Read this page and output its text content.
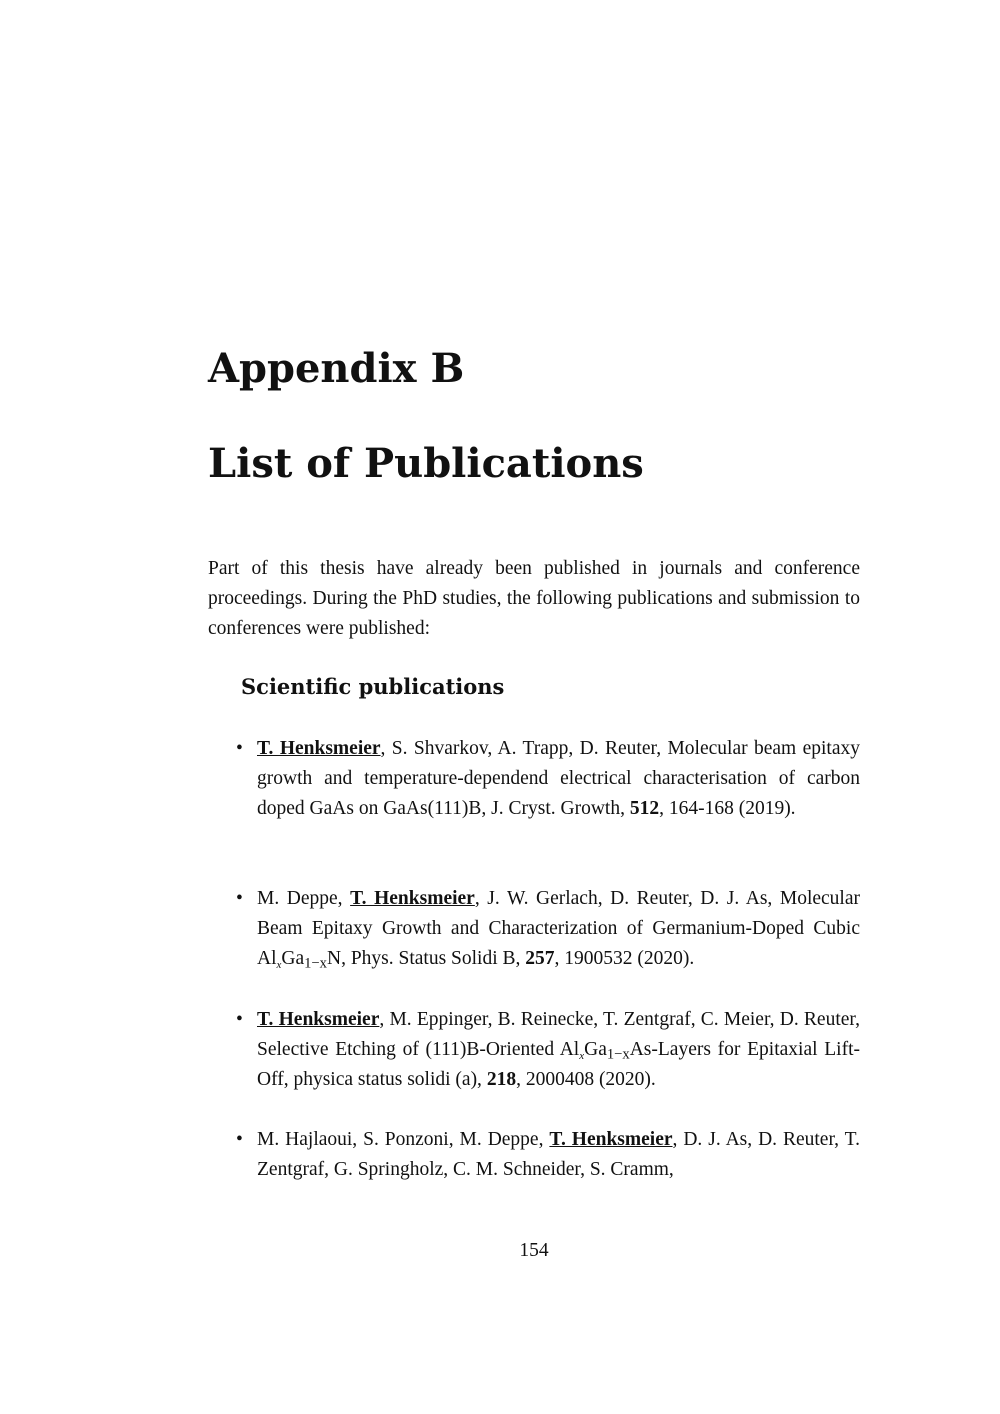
Appendix B
List of Publications

Part of this thesis have already been published in journals and conference proceedings. During the PhD studies, the following publications and submission to conferences were published:

Scientific publications
• T. Henksmeier, S. Shvarkov, A. Trapp, D. Reuter, Molecular beam epitaxy growth and temperature-dependend electrical characterisation of carbon doped GaAs on GaAs(111)B, J. Cryst. Growth, 512, 164-168 (2019).
• M. Deppe, T. Henksmeier, J. W. Gerlach, D. Reuter, D. J. As, Molecular Beam Epitaxy Growth and Characterization of Germanium-Doped Cubic $Al_xGa_{1-x}N$, Phys. Status Solidi B, 257, 1900532 (2020).
• T. Henksmeier, M. Eppinger, B. Reinecke, T. Zentgraf, C. Meier, D. Reuter, Selective Etching of (111)B-Oriented $Al_xGa_{1-x}As$-Layers for Epitaxial Lift-Off, physica status solidi (a), 218, 2000408 (2020).
• M. Hajlaoui, S. Ponzoni, M. Deppe, T. Henksmeier, D. J. As, D. Reuter, T. Zentgraf, G. Springholz, C. M. Schneider, S. Cramm,
154
